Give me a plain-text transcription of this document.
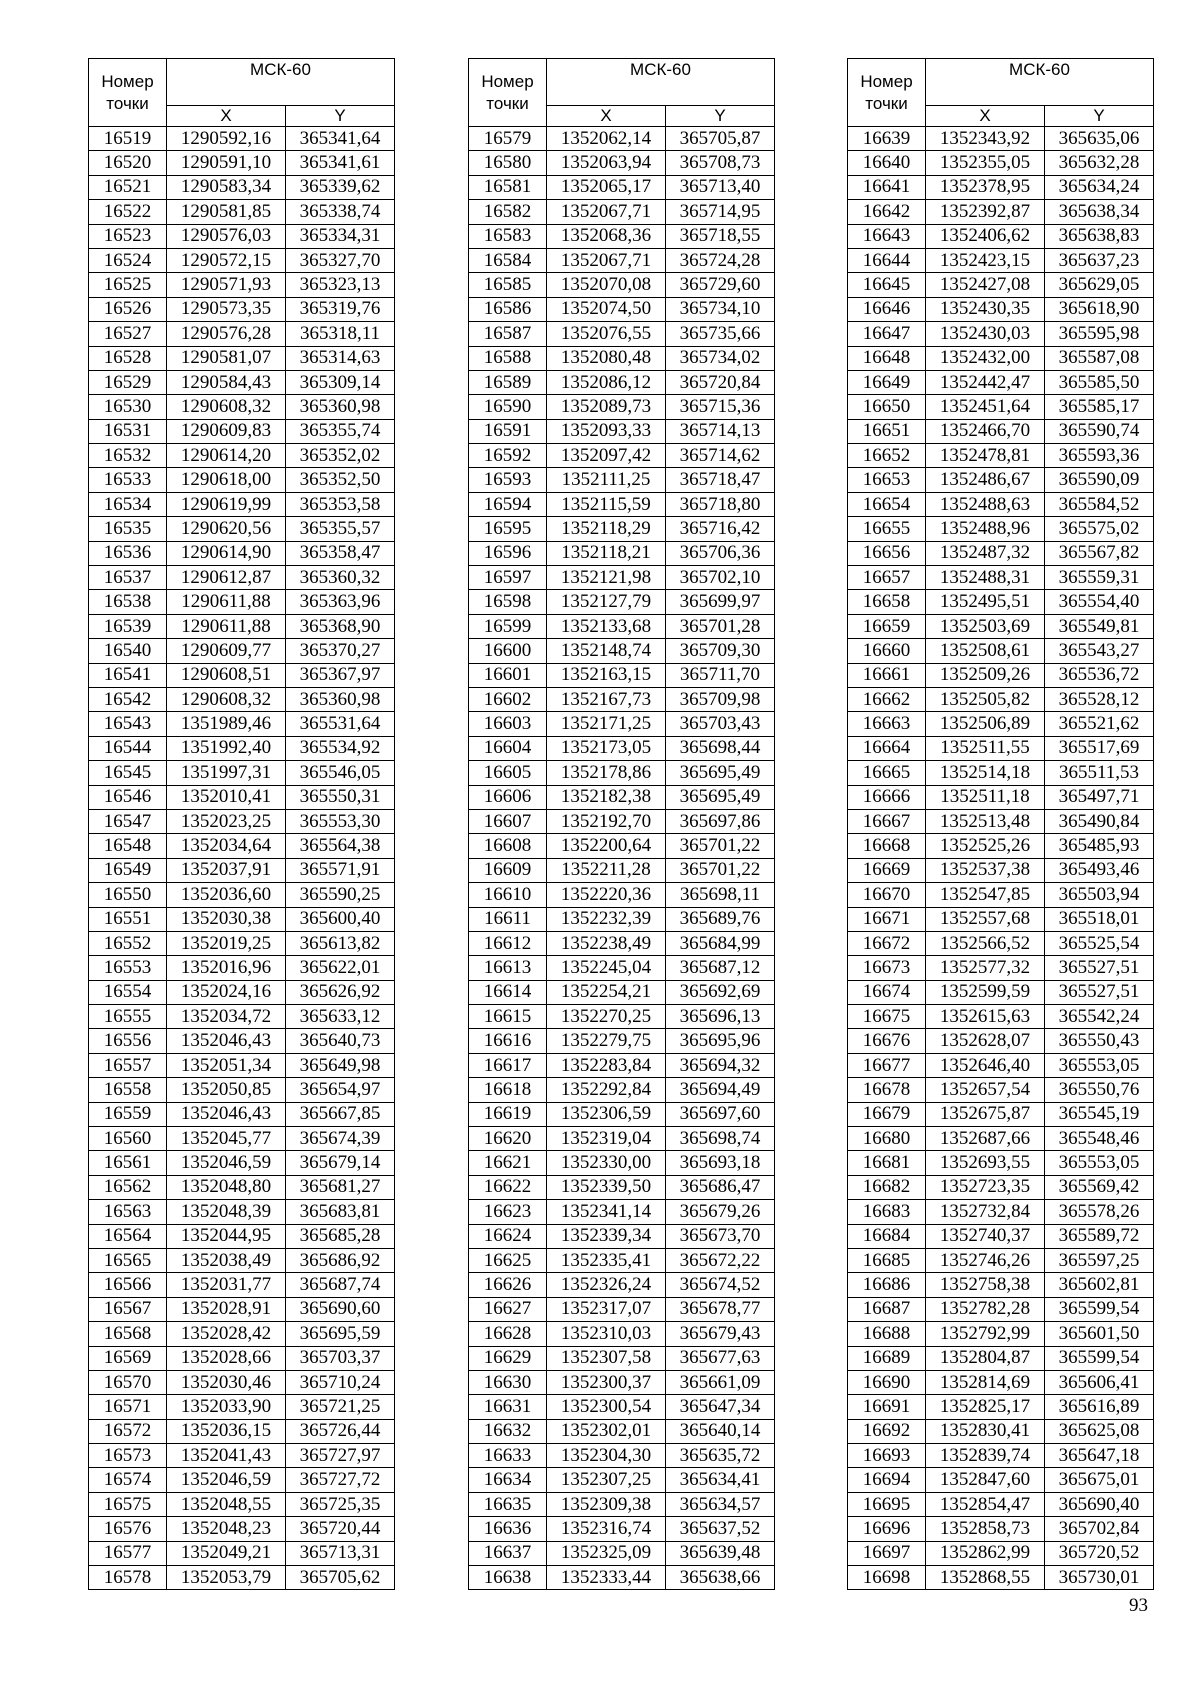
Номер
точки	МСК-60	
	X	Y
16519	1290592,16	365341,64
16520	1290591,10	365341,61
16521	1290583,34	365339,62
16522	1290581,85	365338,74
16523	1290576,03	365334,31
16524	1290572,15	365327,70
16525	1290571,93	365323,13
16526	1290573,35	365319,76
16527	1290576,28	365318,11
16528	1290581,07	365314,63
16529	1290584,43	365309,14
16530	1290608,32	365360,98
16531	1290609,83	365355,74
16532	1290614,20	365352,02
16533	1290618,00	365352,50
16534	1290619,99	365353,58
16535	1290620,56	365355,57
16536	1290614,90	365358,47
16537	1290612,87	365360,32
16538	1290611,88	365363,96
16539	1290611,88	365368,90
16540	1290609,77	365370,27
16541	1290608,51	365367,97
16542	1290608,32	365360,98
16543	1351989,46	365531,64
16544	1351992,40	365534,92
16545	1351997,31	365546,05
16546	1352010,41	365550,31
16547	1352023,25	365553,30
16548	1352034,64	365564,38
16549	1352037,91	365571,91
16550	1352036,60	365590,25
16551	1352030,38	365600,40
16552	1352019,25	365613,82
16553	1352016,96	365622,01
16554	1352024,16	365626,92
16555	1352034,72	365633,12
16556	1352046,43	365640,73
16557	1352051,34	365649,98
16558	1352050,85	365654,97
16559	1352046,43	365667,85
16560	1352045,77	365674,39
16561	1352046,59	365679,14
16562	1352048,80	365681,27
16563	1352048,39	365683,81
16564	1352044,95	365685,28
16565	1352038,49	365686,92
16566	1352031,77	365687,74
16567	1352028,91	365690,60
16568	1352028,42	365695,59
16569	1352028,66	365703,37
16570	1352030,46	365710,24
16571	1352033,90	365721,25
16572	1352036,15	365726,44
16573	1352041,43	365727,97
16574	1352046,59	365727,72
16575	1352048,55	365725,35
16576	1352048,23	365720,44
16577	1352049,21	365713,31
16578	1352053,79	365705,62
Номер
точки	МСК-60	
	X	Y
16579	1352062,14	365705,87
16580	1352063,94	365708,73
16581	1352065,17	365713,40
16582	1352067,71	365714,95
16583	1352068,36	365718,55
16584	1352067,71	365724,28
16585	1352070,08	365729,60
16586	1352074,50	365734,10
16587	1352076,55	365735,66
16588	1352080,48	365734,02
16589	1352086,12	365720,84
16590	1352089,73	365715,36
16591	1352093,33	365714,13
16592	1352097,42	365714,62
16593	1352111,25	365718,47
16594	1352115,59	365718,80
16595	1352118,29	365716,42
16596	1352118,21	365706,36
16597	1352121,98	365702,10
16598	1352127,79	365699,97
16599	1352133,68	365701,28
16600	1352148,74	365709,30
16601	1352163,15	365711,70
16602	1352167,73	365709,98
16603	1352171,25	365703,43
16604	1352173,05	365698,44
16605	1352178,86	365695,49
16606	1352182,38	365695,49
16607	1352192,70	365697,86
16608	1352200,64	365701,22
16609	1352211,28	365701,22
16610	1352220,36	365698,11
16611	1352232,39	365689,76
16612	1352238,49	365684,99
16613	1352245,04	365687,12
16614	1352254,21	365692,69
16615	1352270,25	365696,13
16616	1352279,75	365695,96
16617	1352283,84	365694,32
16618	1352292,84	365694,49
16619	1352306,59	365697,60
16620	1352319,04	365698,74
16621	1352330,00	365693,18
16622	1352339,50	365686,47
16623	1352341,14	365679,26
16624	1352339,34	365673,70
16625	1352335,41	365672,22
16626	1352326,24	365674,52
16627	1352317,07	365678,77
16628	1352310,03	365679,43
16629	1352307,58	365677,63
16630	1352300,37	365661,09
16631	1352300,54	365647,34
16632	1352302,01	365640,14
16633	1352304,30	365635,72
16634	1352307,25	365634,41
16635	1352309,38	365634,57
16636	1352316,74	365637,52
16637	1352325,09	365639,48
16638	1352333,44	365638,66
Номер
точки	МСК-60	
	X	Y
16639	1352343,92	365635,06
16640	1352355,05	365632,28
16641	1352378,95	365634,24
16642	1352392,87	365638,34
16643	1352406,62	365638,83
16644	1352423,15	365637,23
16645	1352427,08	365629,05
16646	1352430,35	365618,90
16647	1352430,03	365595,98
16648	1352432,00	365587,08
16649	1352442,47	365585,50
16650	1352451,64	365585,17
16651	1352466,70	365590,74
16652	1352478,81	365593,36
16653	1352486,67	365590,09
16654	1352488,63	365584,52
16655	1352488,96	365575,02
16656	1352487,32	365567,82
16657	1352488,31	365559,31
16658	1352495,51	365554,40
16659	1352503,69	365549,81
16660	1352508,61	365543,27
16661	1352509,26	365536,72
16662	1352505,82	365528,12
16663	1352506,89	365521,62
16664	1352511,55	365517,69
16665	1352514,18	365511,53
16666	1352511,18	365497,71
16667	1352513,48	365490,84
16668	1352525,26	365485,93
16669	1352537,38	365493,46
16670	1352547,85	365503,94
16671	1352557,68	365518,01
16672	1352566,52	365525,54
16673	1352577,32	365527,51
16674	1352599,59	365527,51
16675	1352615,63	365542,24
16676	1352628,07	365550,43
16677	1352646,40	365553,05
16678	1352657,54	365550,76
16679	1352675,87	365545,19
16680	1352687,66	365548,46
16681	1352693,55	365553,05
16682	1352723,35	365569,42
16683	1352732,84	365578,26
16684	1352740,37	365589,72
16685	1352746,26	365597,25
16686	1352758,38	365602,81
16687	1352782,28	365599,54
16688	1352792,99	365601,50
16689	1352804,87	365599,54
16690	1352814,69	365606,41
16691	1352825,17	365616,89
16692	1352830,41	365625,08
16693	1352839,74	365647,18
16694	1352847,60	365675,01
16695	1352854,47	365690,40
16696	1352858,73	365702,84
16697	1352862,99	365720,52
16698	1352868,55	365730,01
93
